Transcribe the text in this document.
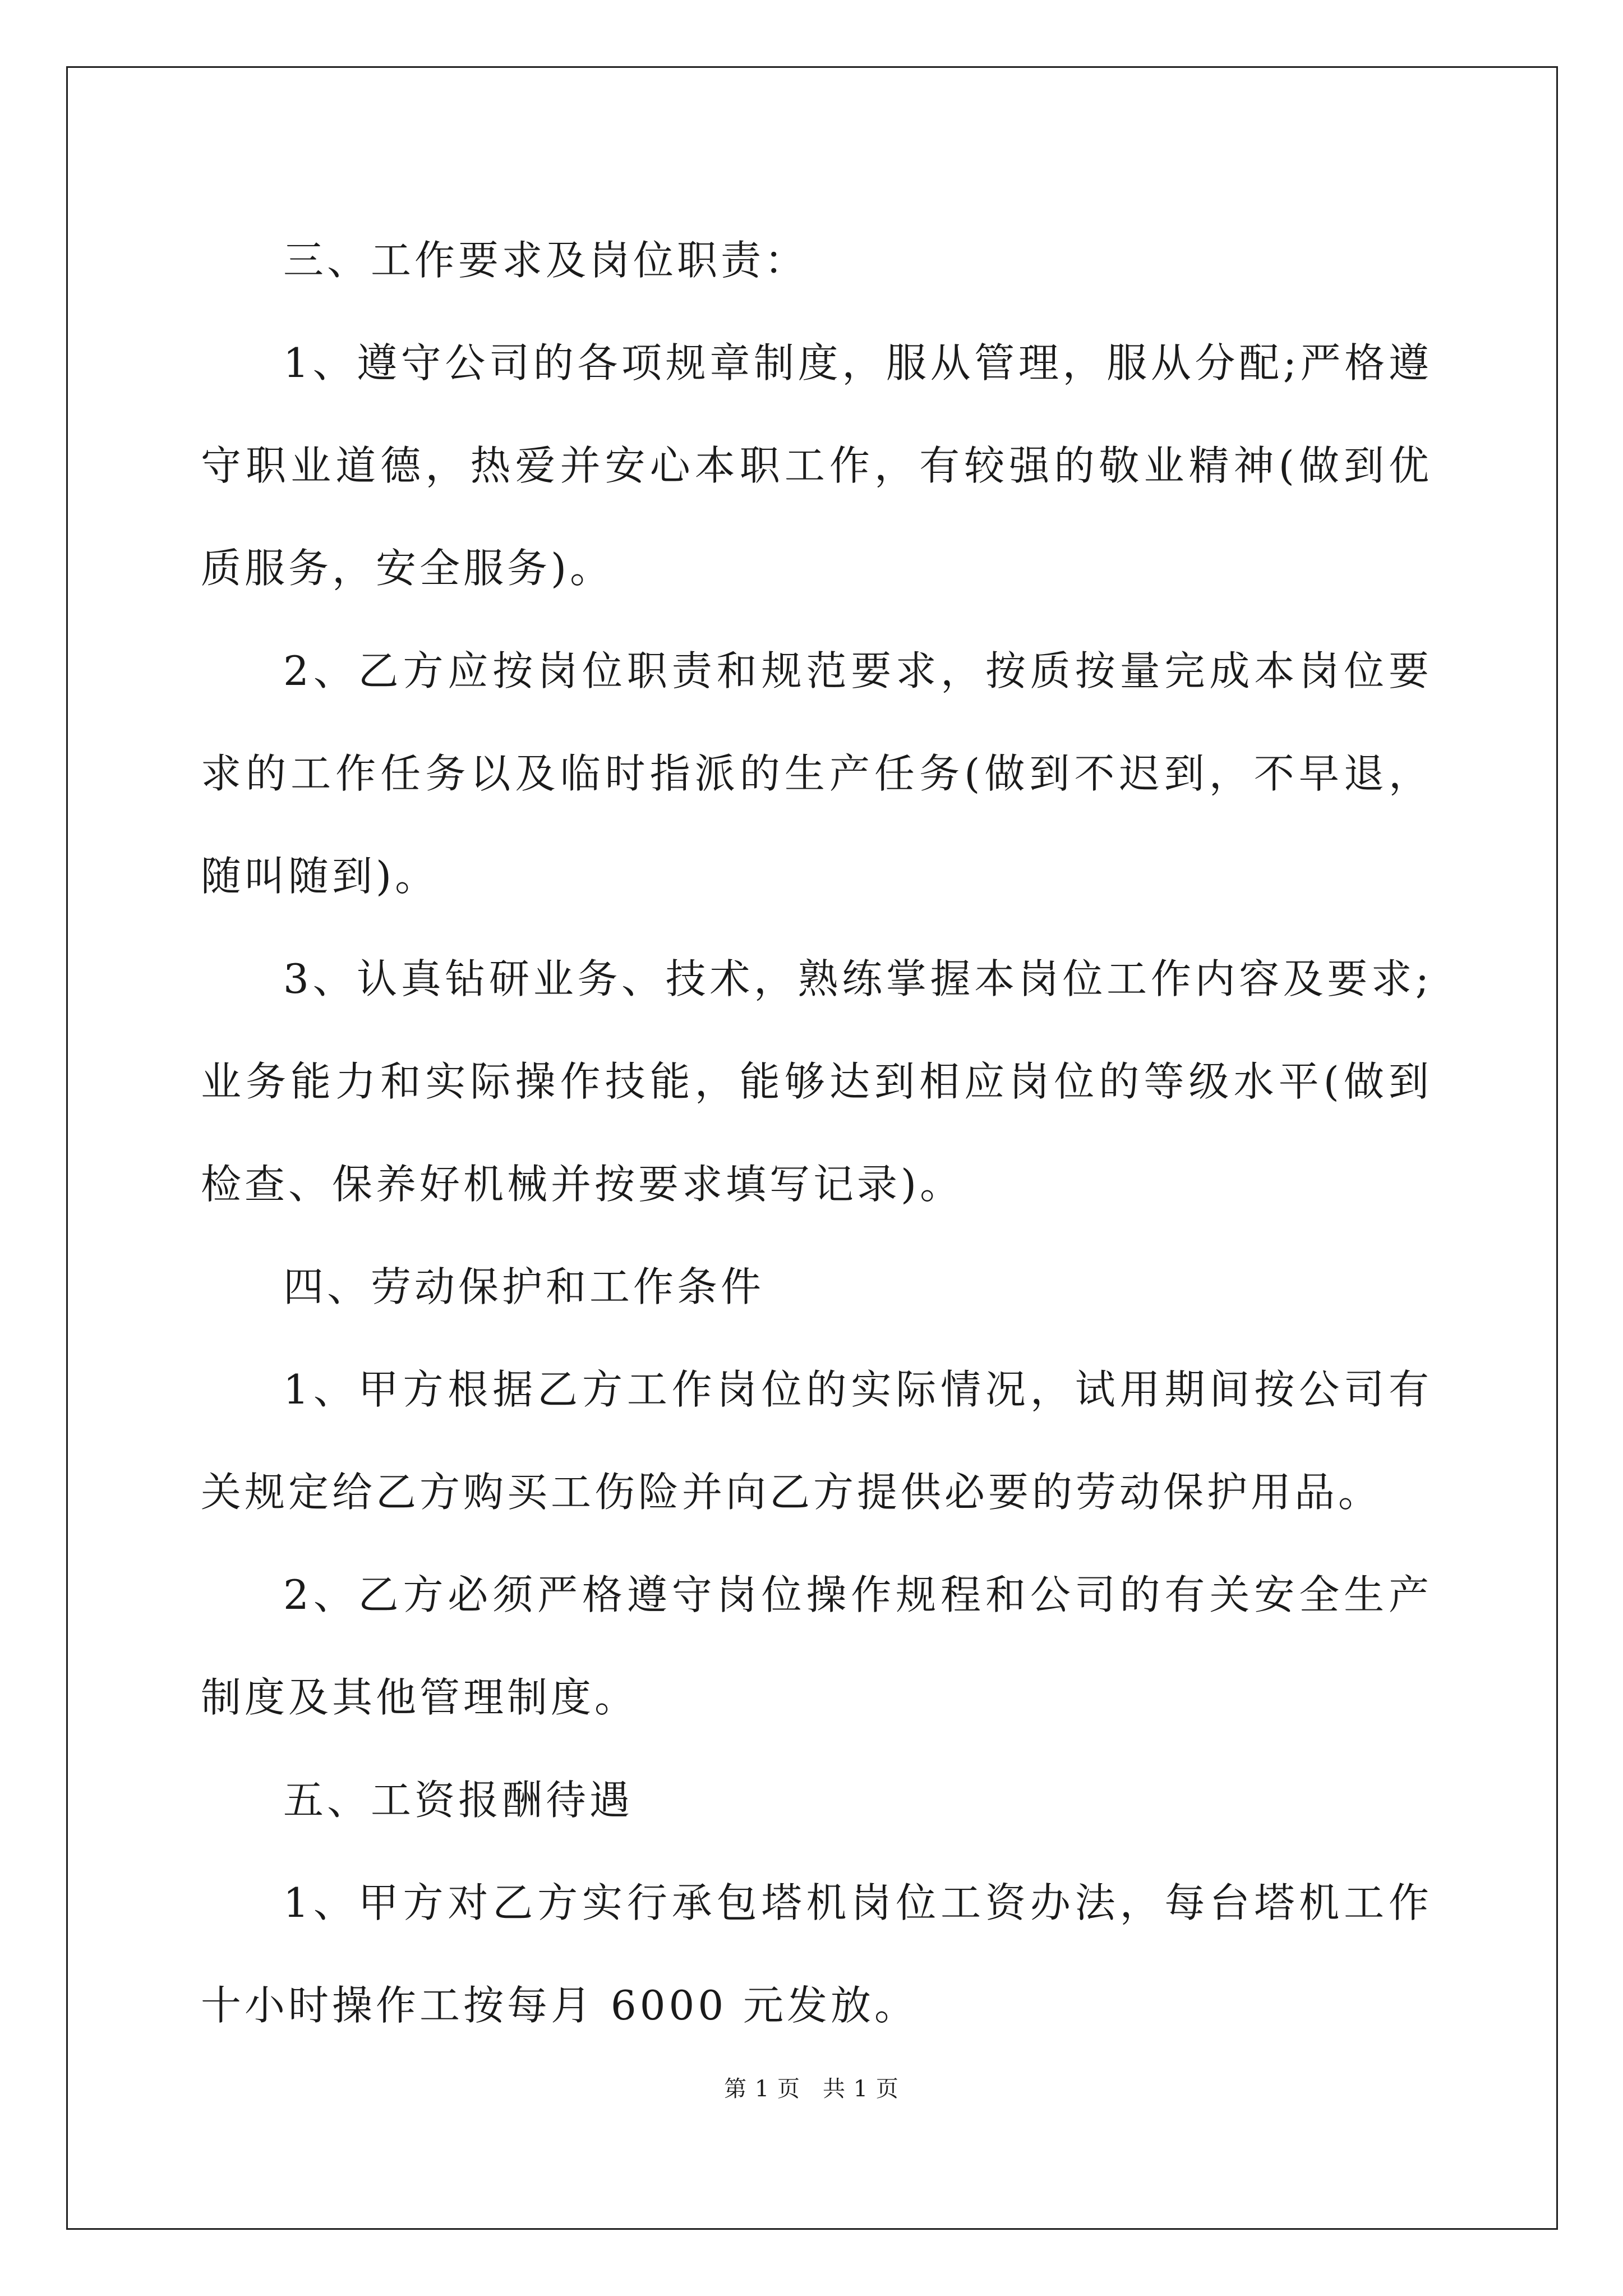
三、工作要求及岗位职责：

1、遵守公司的各项规章制度，服从管理，服从分配;严格遵守职业道德，热爱并安心本职工作，有较强的敬业精神(做到优质服务，安全服务)。

2、乙方应按岗位职责和规范要求，按质按量完成本岗位要求的工作任务以及临时指派的生产任务(做到不迟到，不早退，随叫随到)。

3、认真钻研业务、技术，熟练掌握本岗位工作内容及要求;业务能力和实际操作技能，能够达到相应岗位的等级水平(做到检查、保养好机械并按要求填写记录)。

四、劳动保护和工作条件

1、甲方根据乙方工作岗位的实际情况，试用期间按公司有关规定给乙方购买工伤险并向乙方提供必要的劳动保护用品。

2、乙方必须严格遵守岗位操作规程和公司的有关安全生产制度及其他管理制度。

五、工资报酬待遇

1、甲方对乙方实行承包塔机岗位工资办法，每台塔机工作十小时操作工按每月 6000 元发放。

第 1 页 共 1 页
